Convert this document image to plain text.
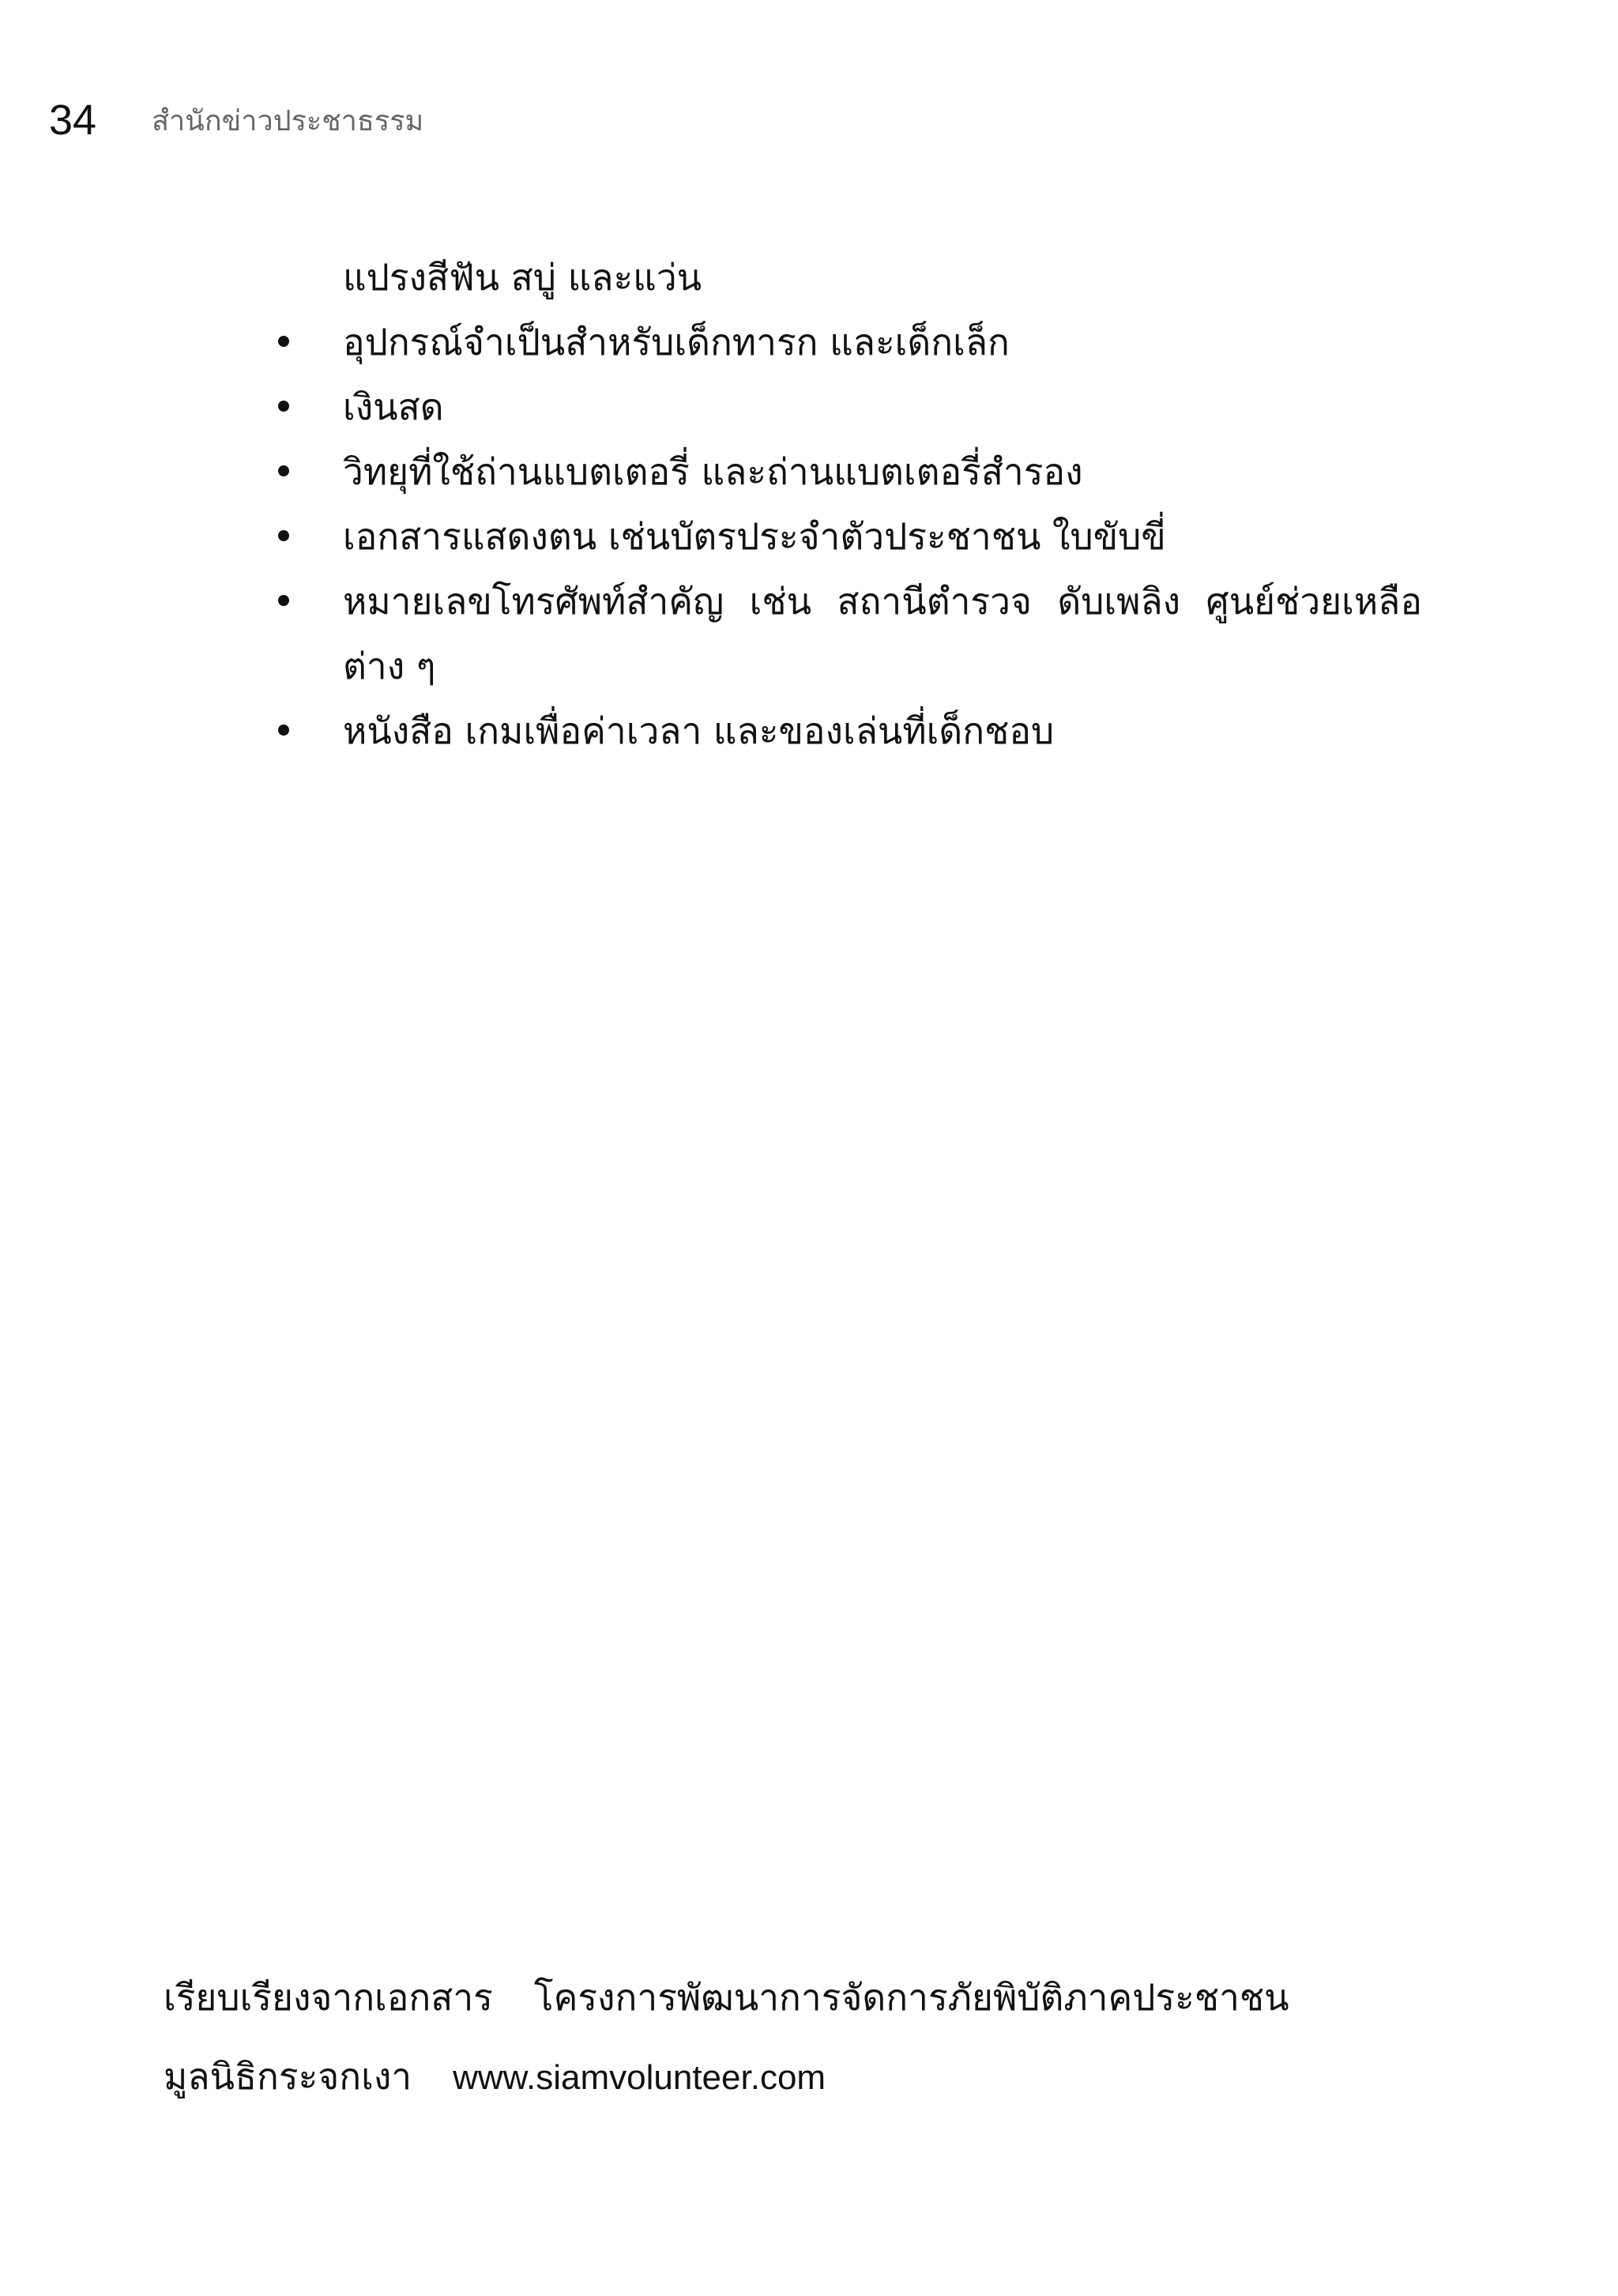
34 สำนักข่าวประชาธรรม

แปรงสีฟัน สบู่ และแว่น

อุปกรณ์จำเป็นสำหรับเด็กทารก และเด็กเล็ก
เงินสด
วิทยุที่ใช้ถ่านแบตเตอรี่ และถ่านแบตเตอรี่สำรอง
เอกสารแสดงตน เช่นบัตรประจำตัวประชาชน ใบขับขี่
หมายเลขโทรศัพท์สำคัญ เช่น สถานีตำรวจ ดับเพลิง ศูนย์ช่วยเหลือ ต่าง ๆ
หนังสือ เกมเพื่อค่าเวลา และของเล่นที่เด็กชอบ
เรียบเรียงจากเอกสาร โครงการพัฒนาการจัดการภัยพิบัติภาคประชาชน
มูลนิธิกระจกเงา www.siamvolunteer.com
